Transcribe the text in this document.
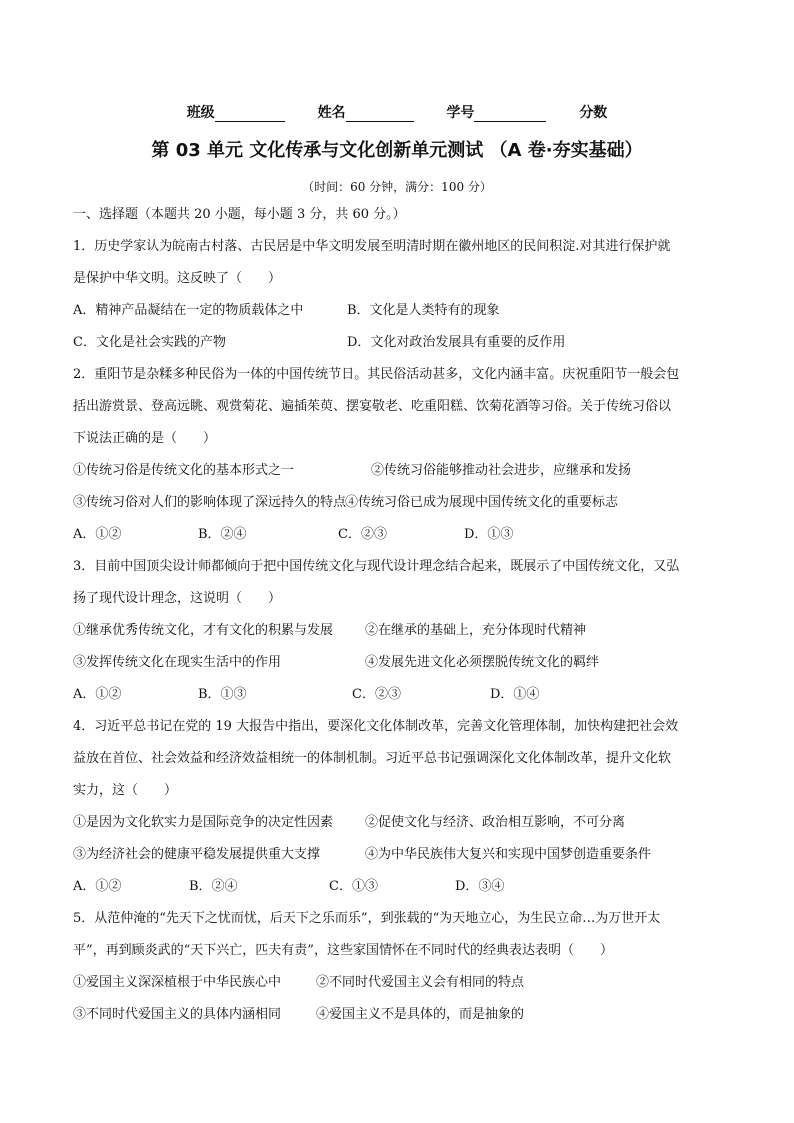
班级	姓名	学号	分数
第 03 单元 文化传承与文化创新单元测试 （A 卷·夯实基础）
（时间：60 分钟，满分：100 分）
一、选择题（本题共 20 小题，每小题 3 分，共 60 分。）
1．历史学家认为皖南古村落、古民居是中华文明发展至明清时期在徽州地区的民间积淀.对其进行保护就
是保护中华文明。这反映了（　　）
A．精神产品凝结在一定的物质载体之中	B．文化是人类特有的现象
C．文化是社会实践的产物	D．文化对政治发展具有重要的反作用
2．重阳节是杂糅多种民俗为一体的中国传统节日。其民俗活动甚多，文化内涵丰富。庆祝重阳节一般会包
括出游赏景、登高远眺、观赏菊花、遍插茱萸、摆宴敬老、吃重阳糕、饮菊花酒等习俗。关于传统习俗以
下说法正确的是（　　）
①传统习俗是传统文化的基本形式之一	②传统习俗能够推动社会进步，应继承和发扬
③传统习俗对人们的影响体现了深远持久的特点
④传统习俗已成为展现中国传统文化的重要标志
A．①②	B．②④	C．②③	D．①③
3．目前中国顶尖设计师都倾向于把中国传统文化与现代设计理念结合起来，既展示了中国传统文化，又弘
扬了现代设计理念，这说明（　　）
①继承优秀传统文化，才有文化的积累与发展	②在继承的基础上，充分体现时代精神
③发挥传统文化在现实生活中的作用	④发展先进文化必须摆脱传统文化的羁绊
A．①②	B．①③	C．②③	D．①④
4．习近平总书记在党的 19 大报告中指出，要深化文化体制改革，完善文化管理体制，加快构建把社会效
益放在首位、社会效益和经济效益相统一的体制机制。习近平总书记强调深化文化体制改革，提升文化软
实力，这（　　）
①是因为文化软实力是国际竞争的决定性因素	②促使文化与经济、政治相互影响，不可分离
③为经济社会的健康平稳发展提供重大支撑	④为中华民族伟大复兴和实现中国梦创造重要条件
A．①②	B．②④	C．①③	D．③④
5．从范仲淹的“先天下之忧而忧，后天下之乐而乐”，到张载的“为天地立心，为生民立命…为万世开太
平”，再到顾炎武的“天下兴亡，匹夫有责”，这些家国情怀在不同时代的经典表达表明（　　）
①爱国主义深深植根于中华民族心中	②不同时代爱国主义会有相同的特点
③不同时代爱国主义的具体内涵相同	④爱国主义不是具体的，而是抽象的
